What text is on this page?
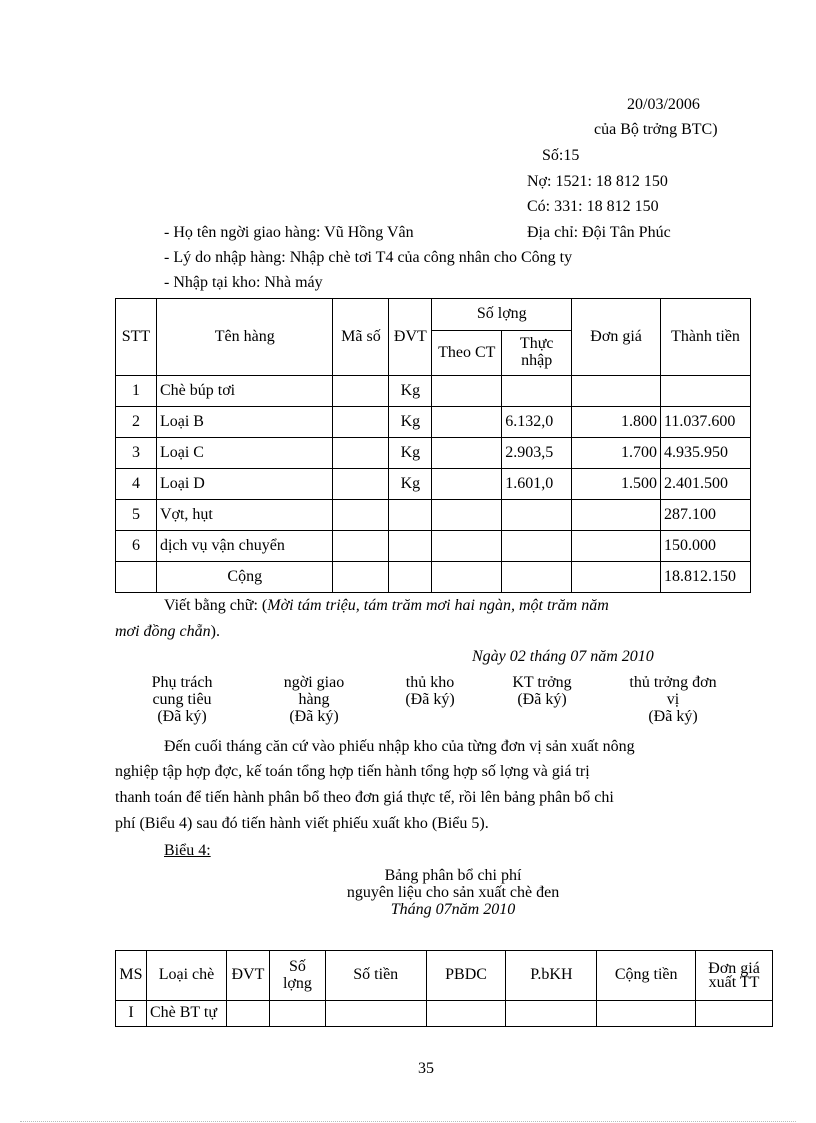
20/03/2006
của Bộ trởng BTC)
Số:15
Nợ: 1521: 18 812 150
Có: 331: 18 812 150
- Họ tên ngời giao hàng: Vũ Hồng Vân	Địa chỉ: Đội Tân Phúc
- Lý do nhập hàng: Nhập chè tơi T4 của công nhân cho Công ty
- Nhập tại kho: Nhà máy
STT	Tên hàng	Mã số	ĐVT	Số lợng		Đơn giá	Thành tiền
				Theo CT	Thực nhập		
1	Chè búp tơi		Kg				
2	Loại B		Kg		6.132,0	1.800	11.037.600
3	Loại C		Kg		2.903,5	1.700	4.935.950
4	Loại D		Kg		1.601,0	1.500	2.401.500
5	Vợt, hụt						287.100
6	dịch vụ vận chuyển						150.000
	Cộng						18.812.150
Viết bằng chữ: (Mời tám triệu, tám trăm mơi hai ngàn, một trăm năm
mơi đồng chẵn).
Ngày 02 tháng 07 năm 2010
Phụ trách
cung tiêu
(Đã ký)
ngời giao
hàng
(Đã ký)
thủ kho
(Đã ký)
KT trởng
(Đã ký)
thủ trởng đơn
vị
(Đã ký)
Đến cuối tháng căn cứ vào phiếu nhập kho của từng đơn vị sản xuất nông
nghiệp tập hợp đợc, kế toán tổng hợp tiến hành tổng hợp số lợng và giá trị
thanh toán để tiến hành phân bổ theo đơn giá thực tế, rồi lên bảng phân bổ chi
phí (Biểu 4) sau đó tiến hành viết phiếu xuất kho (Biểu 5).
Biểu 4:
Bảng phân bổ chi phí
nguyên liệu cho sản xuất chè đen
Tháng 07năm 2010
MS	Loại chè	ĐVT	Số lợng	Số tiền	PBDC	P.bKH	Cộng tiền	Đơn giá xuất TT
I	Chè BT tự							
35
